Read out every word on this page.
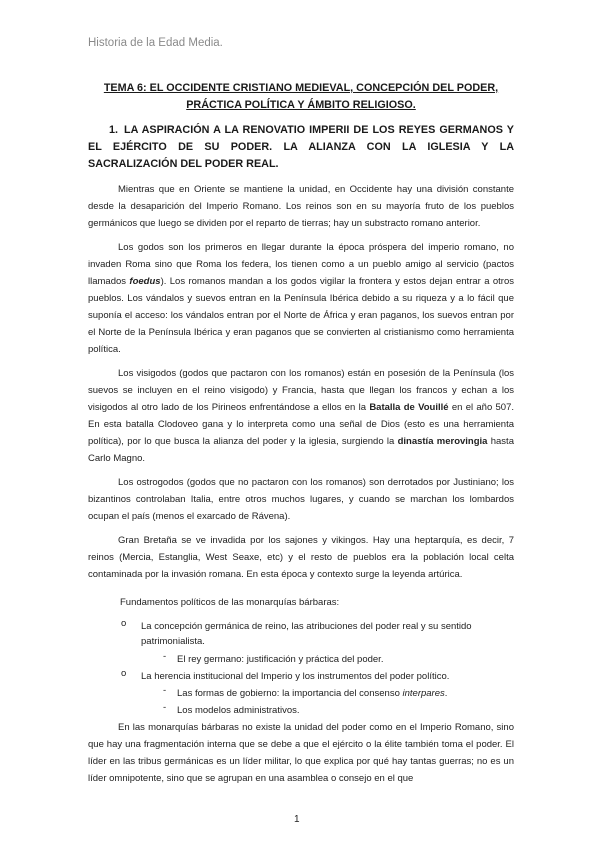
Historia de la Edad Media.
TEMA 6: EL OCCIDENTE CRISTIANO MEDIEVAL, CONCEPCIÓN DEL PODER, PRÁCTICA POLÍTICA Y ÁMBITO RELIGIOSO.
1. LA ASPIRACIÓN A LA RENOVATIO IMPERII DE LOS REYES GERMANOS Y EL EJÉRCITO DE SU PODER. LA ALIANZA CON LA IGLESIA Y LA SACRALIZACIÓN DEL PODER REAL.

Mientras que en Oriente se mantiene la unidad, en Occidente hay una división constante desde la desaparición del Imperio Romano. Los reinos son en su mayoría fruto de los pueblos germánicos que luego se dividen por el reparto de tierras; hay un substracto romano anterior.

Los godos son los primeros en llegar durante la época próspera del imperio romano, no invaden Roma sino que Roma los federa, los tienen como a un pueblo amigo al servicio (pactos llamados foedus). Los romanos mandan a los godos vigilar la frontera y estos dejan entrar a otros pueblos. Los vándalos y suevos entran en la Península Ibérica debido a su riqueza y a lo fácil que suponía el acceso: los vándalos entran por el Norte de África y eran paganos, los suevos entran por el Norte de la Península Ibérica y eran paganos que se convierten al cristianismo como herramienta política.

Los visigodos (godos que pactaron con los romanos) están en posesión de la Península (los suevos se incluyen en el reino visigodo) y Francia, hasta que llegan los francos y echan a los visigodos al otro lado de los Pirineos enfrentándose a ellos en la Batalla de Vouillé en el año 507. En esta batalla Clodoveo gana y lo interpreta como una señal de Dios (esto es una herramienta política), por lo que busca la alianza del poder y la iglesia, surgiendo la dinastía merovingia hasta Carlo Magno.

Los ostrogodos (godos que no pactaron con los romanos) son derrotados por Justiniano; los bizantinos controlaban Italia, entre otros muchos lugares, y cuando se marchan los lombardos ocupan el país (menos el exarcado de Rávena).

Gran Bretaña se ve invadida por los sajones y vikingos. Hay una heptarquía, es decir, 7 reinos (Mercia, Estanglia, West Seaxe, etc) y el resto de pueblos era la población local celta contaminada por la invasión romana. En esta época y contexto surge la leyenda artúrica.

Fundamentos políticos de las monarquías bárbaras:
o La concepción germánica de reino, las atribuciones del poder real y su sentido
patrimonialista.
- El rey germano: justificación y práctica del poder.
o La herencia institucional del Imperio y los instrumentos del poder político.
- Las formas de gobierno: la importancia del consenso interpares.
- Los modelos administrativos.

En las monarquías bárbaras no existe la unidad del poder como en el Imperio Romano, sino que hay una fragmentación interna que se debe a que el ejército o la élite también toma el poder. El líder en las tribus germánicas es un líder militar, lo que explica por qué hay tantas guerras; no es un líder omnipotente, sino que se agrupan en una asamblea o consejo en el que

1
